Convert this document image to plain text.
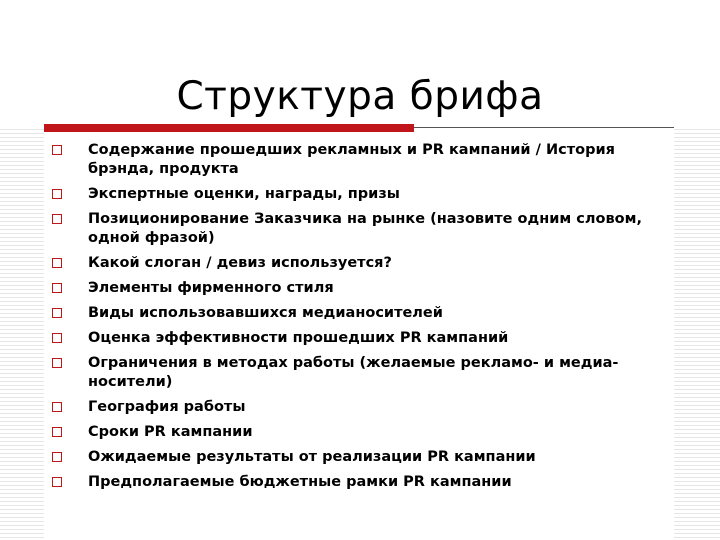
Структура брифа
Содержание прошедших рекламных и PR кампаний / История брэнда, продукта
Экспертные оценки, награды, призы
Позиционирование Заказчика на рынке (назовите одним словом, одной фразой)
Какой слоган / девиз используется?
Элементы фирменного стиля
Виды использовавшихся медианосителей
Оценка эффективности прошедших PR кампаний
Ограничения в методах работы (желаемые рекламо- и медиа-носители)
География работы
Сроки PR кампании
Ожидаемые результаты от реализации PR кампании
Предполагаемые бюджетные рамки PR кампании
